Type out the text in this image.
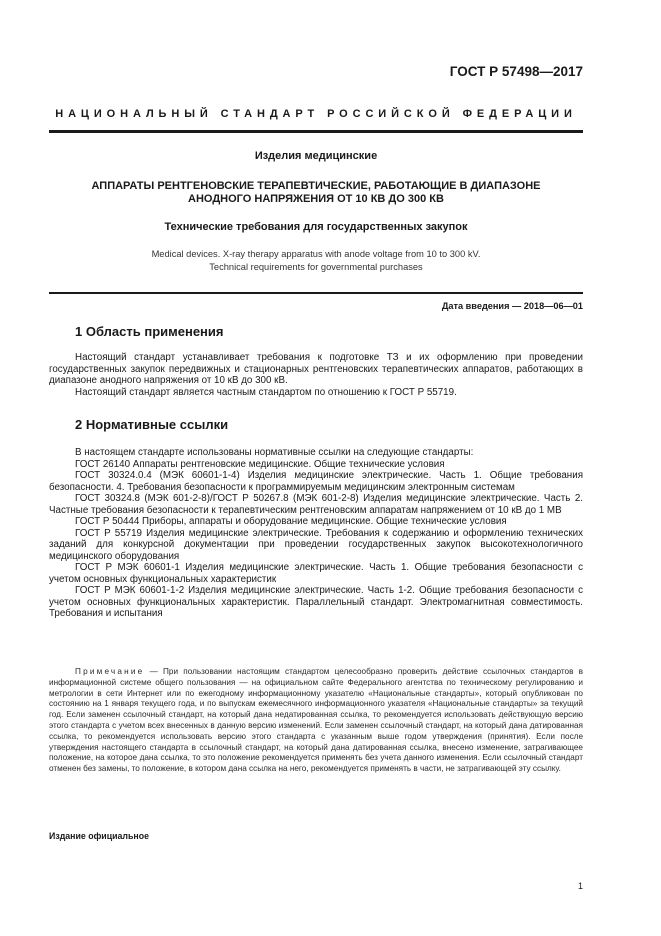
ГОСТ Р 57498—2017
НАЦИОНАЛЬНЫЙ СТАНДАРТ РОССИЙСКОЙ ФЕДЕРАЦИИ
Изделия медицинские
АППАРАТЫ РЕНТГЕНОВСКИЕ ТЕРАПЕВТИЧЕСКИЕ, РАБОТАЮЩИЕ В ДИАПАЗОНЕ
АНОДНОГО НАПРЯЖЕНИЯ ОТ 10 КВ ДО 300 КВ
Технические требования для государственных закупок
Medical devices. X-ray therapy apparatus with anode voltage from 10 to 300 kV.
Technical requirements for governmental purchases
Дата введения — 2018—06—01
1 Область применения

Настоящий стандарт устанавливает требования к подготовке ТЗ и их оформлению при проведении государственных закупок передвижных и стационарных рентгеновских терапевтических аппаратов, работающих в диапазоне анодного напряжения от 10 кВ до 300 кВ.

Настоящий стандарт является частным стандартом по отношению к ГОСТ Р 55719.

2 Нормативные ссылки

В настоящем стандарте использованы нормативные ссылки на следующие стандарты:

ГОСТ 26140 Аппараты рентгеновские медицинские. Общие технические условия

ГОСТ 30324.0.4 (МЭК 60601-1-4) Изделия медицинские электрические. Часть 1. Общие требования безопасности. 4. Требования безопасности к программируемым медицинским электронным системам

ГОСТ 30324.8 (МЭК 601-2-8)/ГОСТ Р 50267.8 (МЭК 601-2-8) Изделия медицинские электрические. Часть 2. Частные требования безопасности к терапевтическим рентгеновским аппаратам напряжением от 10 кВ до 1 МВ

ГОСТ Р 50444 Приборы, аппараты и оборудование медицинские. Общие технические условия

ГОСТ Р 55719 Изделия медицинские электрические. Требования к содержанию и оформлению технических заданий для конкурсной документации при проведении государственных закупок высокотехнологичного медицинского оборудования

ГОСТ Р МЭК 60601-1 Изделия медицинские электрические. Часть 1. Общие требования безопасности с учетом основных функциональных характеристик

ГОСТ Р МЭК 60601-1-2 Изделия медицинские электрические. Часть 1-2. Общие требования безопасности с учетом основных функциональных характеристик. Параллельный стандарт. Электромагнитная совместимость. Требования и испытания

Примечание — При пользовании настоящим стандартом целесообразно проверить действие ссылочных стандартов в информационной системе общего пользования — на официальном сайте Федерального агентства по техническому регулированию и метрологии в сети Интернет или по ежегодному информационному указателю «Национальные стандарты», который опубликован по состоянию на 1 января текущего года, и по выпускам ежемесячного информационного указателя «Национальные стандарты» за текущий год. Если заменен ссылочный стандарт, на который дана недатированная ссылка, то рекомендуется использовать действующую версию этого стандарта с учетом всех внесенных в данную версию изменений. Если заменен ссылочный стандарт, на который дана датированная ссылка, то рекомендуется использовать версию этого стандарта с указанным выше годом утверждения (принятия). Если после утверждения настоящего стандарта в ссылочный стандарт, на который дана датированная ссылка, внесено изменение, затрагивающее положение, на которое дана ссылка, то это положение рекомендуется применять без учета данного изменения. Если ссылочный стандарт отменен без замены, то положение, в котором дана ссылка на него, рекомендуется применять в части, не затрагивающей эту ссылку.

Издание официальное
1
